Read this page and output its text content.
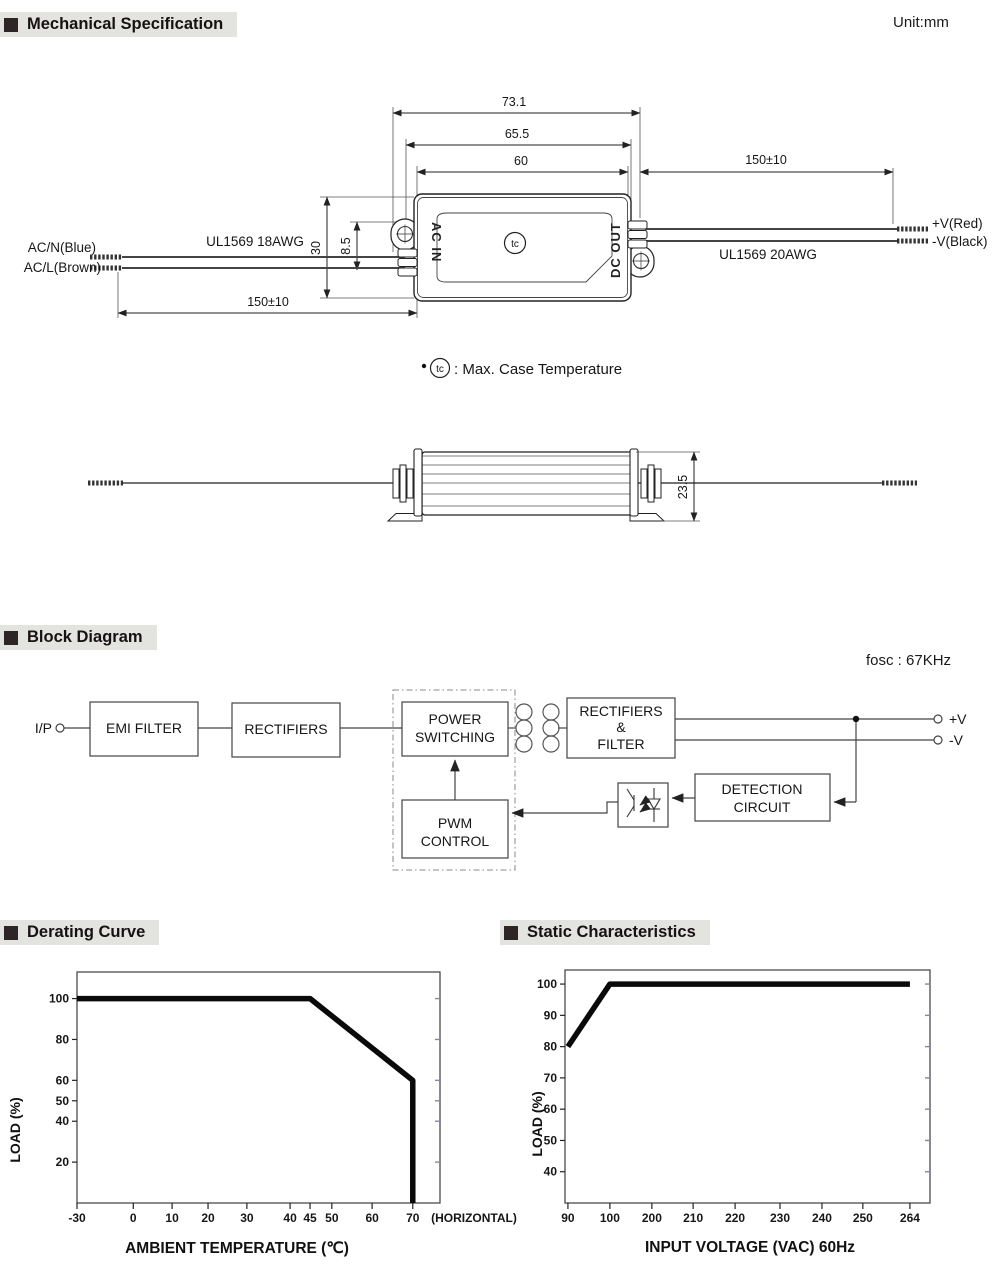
Mechanical Specification	Unit:mm
Block Diagram
fosc : 67KHz
Derating Curve	Static Characteristics
73.1
65.5
60	150±10
150±10
30 8.5	AC IN	DC OUT
tc
AC/N(Blue)
AC/L(Brown)
UL1569 18AWG
UL1569 20AWG
+V(Red)
-V(Black)
tc : Max. Case Temperature
23.5
I/P
+V
-V
EMI FILTER	RECTIFIERS
POWER
SWITCHING
RECTIFIERS
&
FILTER
DETECTION
CIRCUIT
PWM
CONTROL
100
80
60
50
40
20
-30	0 10 20 30 40 45 50 60 70 (HORIZONTAL)
100
90
80
70
60
50
40
90 100 200 210 220 230 240 250 264
LOAD (%)
AMBIENT TEMPERATURE (℃)
LOAD (%)
INPUT VOLTAGE (VAC) 60Hz
